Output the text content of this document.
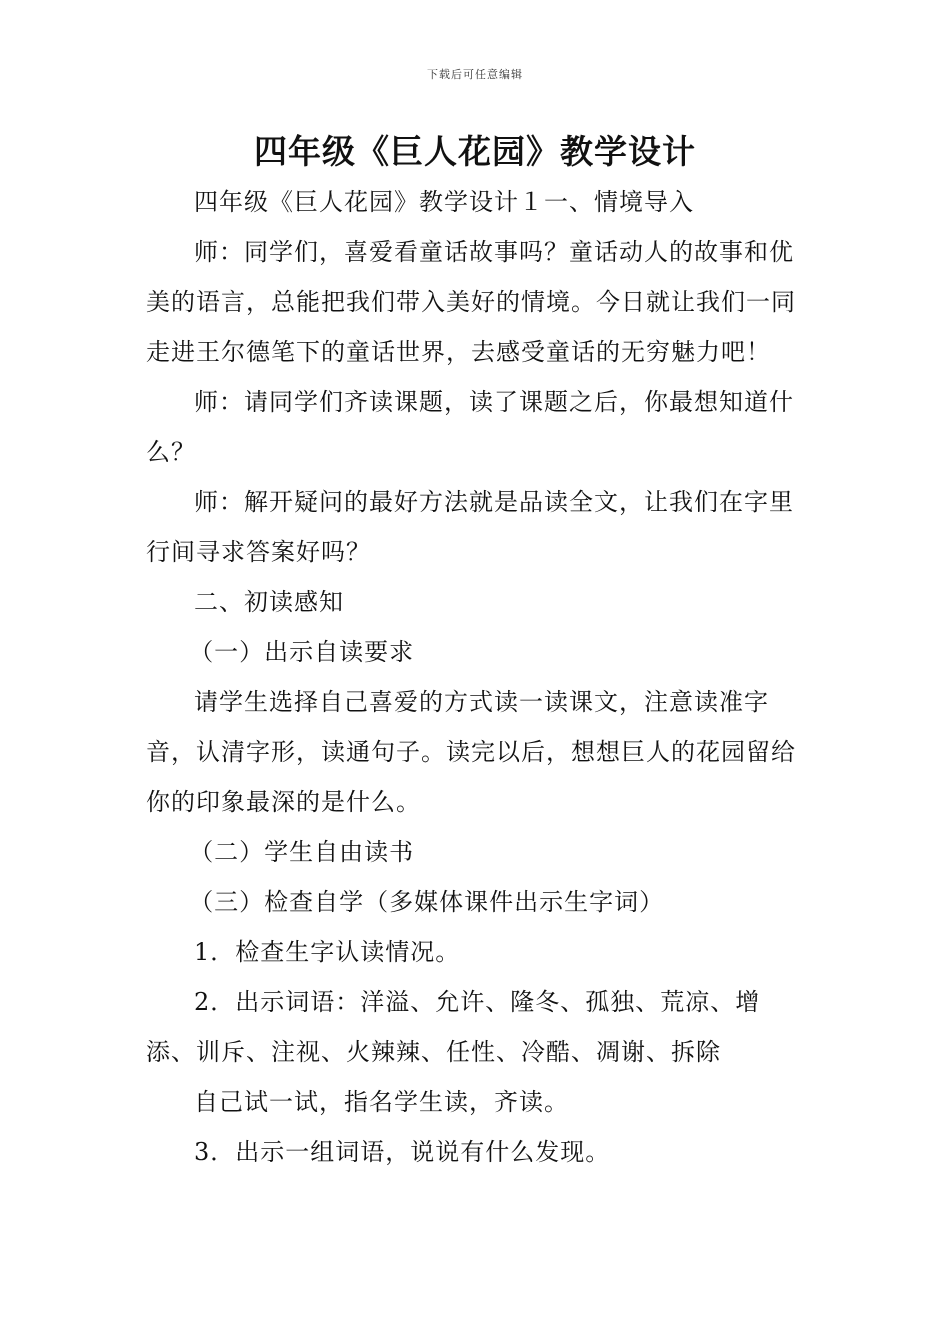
下载后可任意编辑
四年级《巨人花园》教学设计

四年级《巨人花园》教学设计１一、情境导入

师：同学们，喜爱看童话故事吗？童话动人的故事和优美的语言，总能把我们带入美好的情境。今日就让我们一同走进王尔德笔下的童话世界，去感受童话的无穷魅力吧！

师：请同学们齐读课题，读了课题之后，你最想知道什么？

师：解开疑问的最好方法就是品读全文，让我们在字里行间寻求答案好吗？

二、初读感知

（一）出示自读要求

请学生选择自己喜爱的方式读一读课文，注意读准字音，认清字形，读通句子。读完以后，想想巨人的花园留给你的印象最深的是什么。

（二）学生自由读书

（三）检查自学（多媒体课件出示生字词）

1．检查生字认读情况。

2．出示词语：洋溢、允许、隆冬、孤独、荒凉、增添、训斥、注视、火辣辣、任性、冷酷、凋谢、拆除

自己试一试，指名学生读，齐读。

3．出示一组词语，说说有什么发现。
